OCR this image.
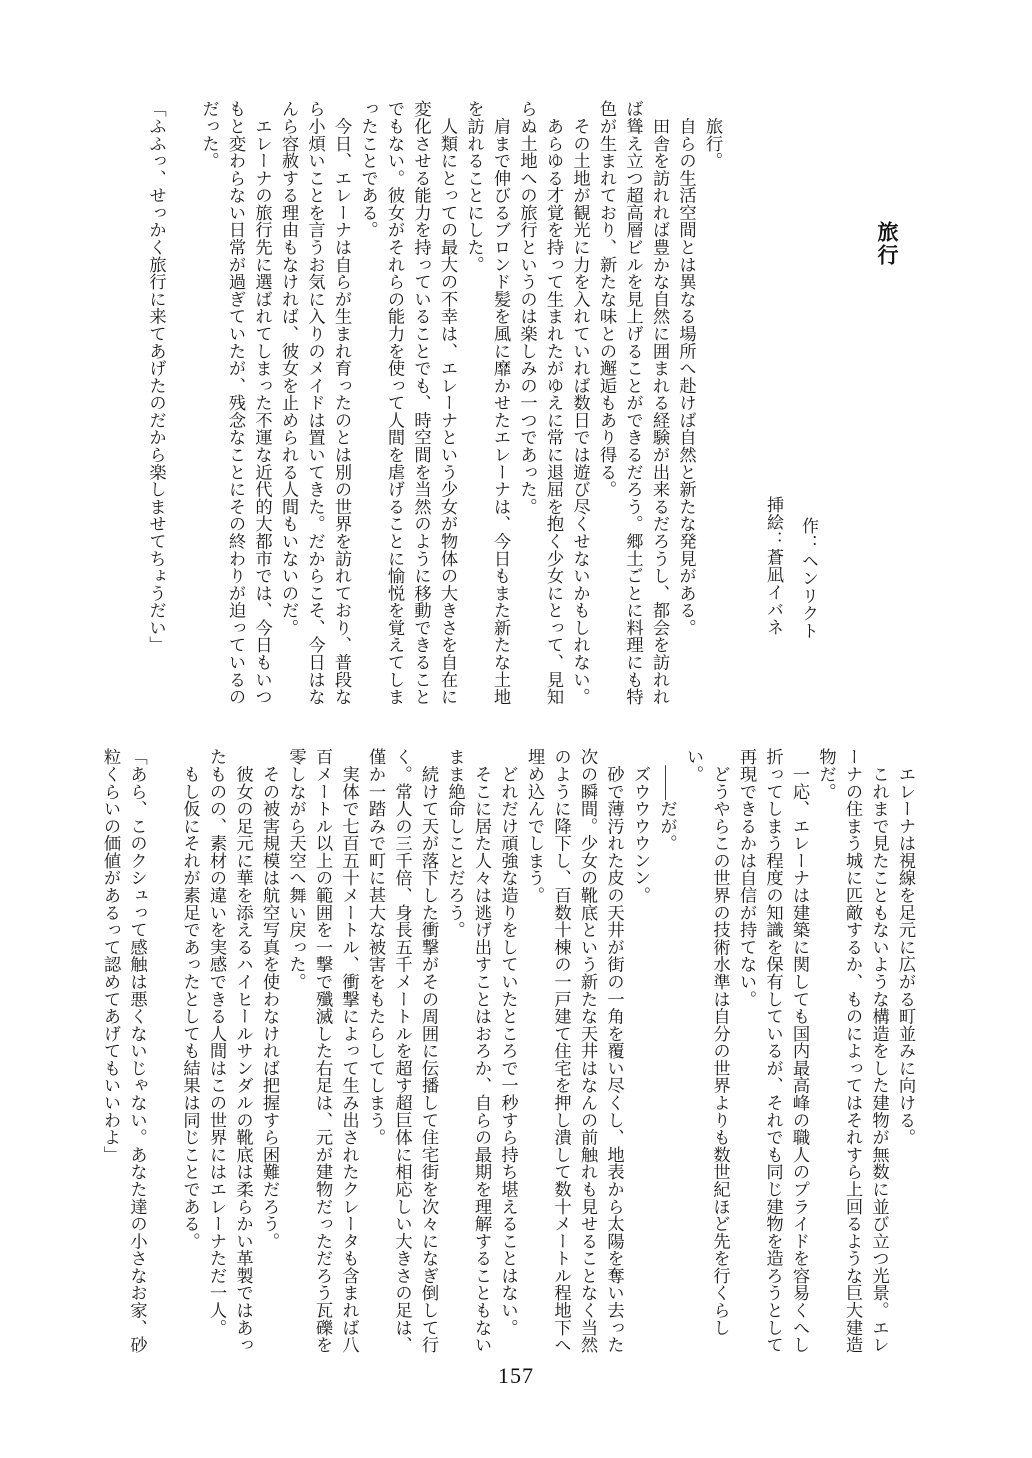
旅行
作：ヘンリクト
挿絵：蒼凪イバネ
　旅行。
　自らの生活空間とは異なる場所へ赴けば自然と新たな発見がある。
　田舎を訪れれば豊かな自然に囲まれる経験が出来るだろうし、都会を訪れれ
ば聳え立つ超高層ビルを見上げることができるだろう。郷土ごとに料理にも特
色が生まれており、新たな味との邂逅もあり得る。
　その土地が観光に力を入れていれば数日では遊び尽くせないかもしれない。
　あらゆる才覚を持って生まれたがゆえに常に退屈を抱く少女にとって、見知
らぬ土地への旅行というのは楽しみの一つであった。
　肩まで伸びるブロンド髪を風に靡かせたエレーナは、今日もまた新たな土地
を訪れることにした。
　人類にとっての最大の不幸は、エレーナという少女が物体の大きさを自在に
変化させる能力を持っていることでも、時空間を当然のように移動できること
でもない。彼女がそれらの能力を使って人間を虐げることに愉悦を覚えてしま
ったことである。
　今日、エレーナは自らが生まれ育ったのとは別の世界を訪れており、普段な
ら小煩いことを言うお気に入りのメイドは置いてきた。だからこそ、今日はな
んら容赦する理由もなければ、彼女を止められる人間もいないのだ。
　エレーナの旅行先に選ばれてしまった不運な近代的大都市では、今日もいつ
もと変わらない日常が過ぎていたが、残念なことにその終わりが迫っているの
だった。

「ふふっ、せっかく旅行に来てあげたのだから楽しませてちょうだい」
　エレーナは視線を足元に広がる町並みに向ける。
　これまで見たこともないような構造をした建物が無数に並び立つ光景。エレ
ーナの住まう城に匹敵するか、ものによってはそれすら上回るような巨大建造
物だ。
　一応、エレーナは建築に関しても国内最高峰の職人のプライドを容易くへし
折ってしまう程度の知識を保有しているが、それでも同じ建物を造ろうとして
再現できるかは自信が持てない。
　どうやらこの世界の技術水準は自分の世界よりも数世紀ほど先を行くらしい。
　――だが。
　ズウウウウンン。
　砂で薄汚れた皮の天井が街の一角を覆い尽くし、地表から太陽を奪い去った
次の瞬間。少女の靴底という新たな天井はなんの前触れも見せることなく当然
のように降下し、百数十棟の一戸建て住宅を押し潰して数十メートル程地下へ
埋め込んでしまう。
　どれだけ頑強な造りをしていたところで一秒すら持ち堪えることはない。
　そこに居た人々は逃げ出すことはおろか、自らの最期を理解することもない
まま絶命しことだろう。
　続けて天が落下した衝撃がその周囲に伝播して住宅街を次々になぎ倒して行
く。常人の三千倍、身長五千メートルを超す超巨体に相応しい大きさの足は、
僅か一踏みで町に甚大な被害をもたらしてしまう。
　実体で七百五十メートル、衝撃によって生み出されたクレータも含まれば八
百メートル以上の範囲を一撃で殲滅した右足は、元が建物だっただろう瓦礫を
零しながら天空へ舞い戻った。
　その被害規模は航空写真を使わなければ把握すら困難だろう。
　彼女の足元に華を添えるハイヒールサンダルの靴底は柔らかい革製ではあっ
たものの、素材の違いを実感できる人間はこの世界にはエレーナただ一人。
　もし仮にそれが素足であったとしても結果は同じことである。

「あら、このクシュって感触は悪くないじゃない。あなた達の小さなお家、砂
粒くらいの価値があるって認めてあげてもいいわよ」
157
